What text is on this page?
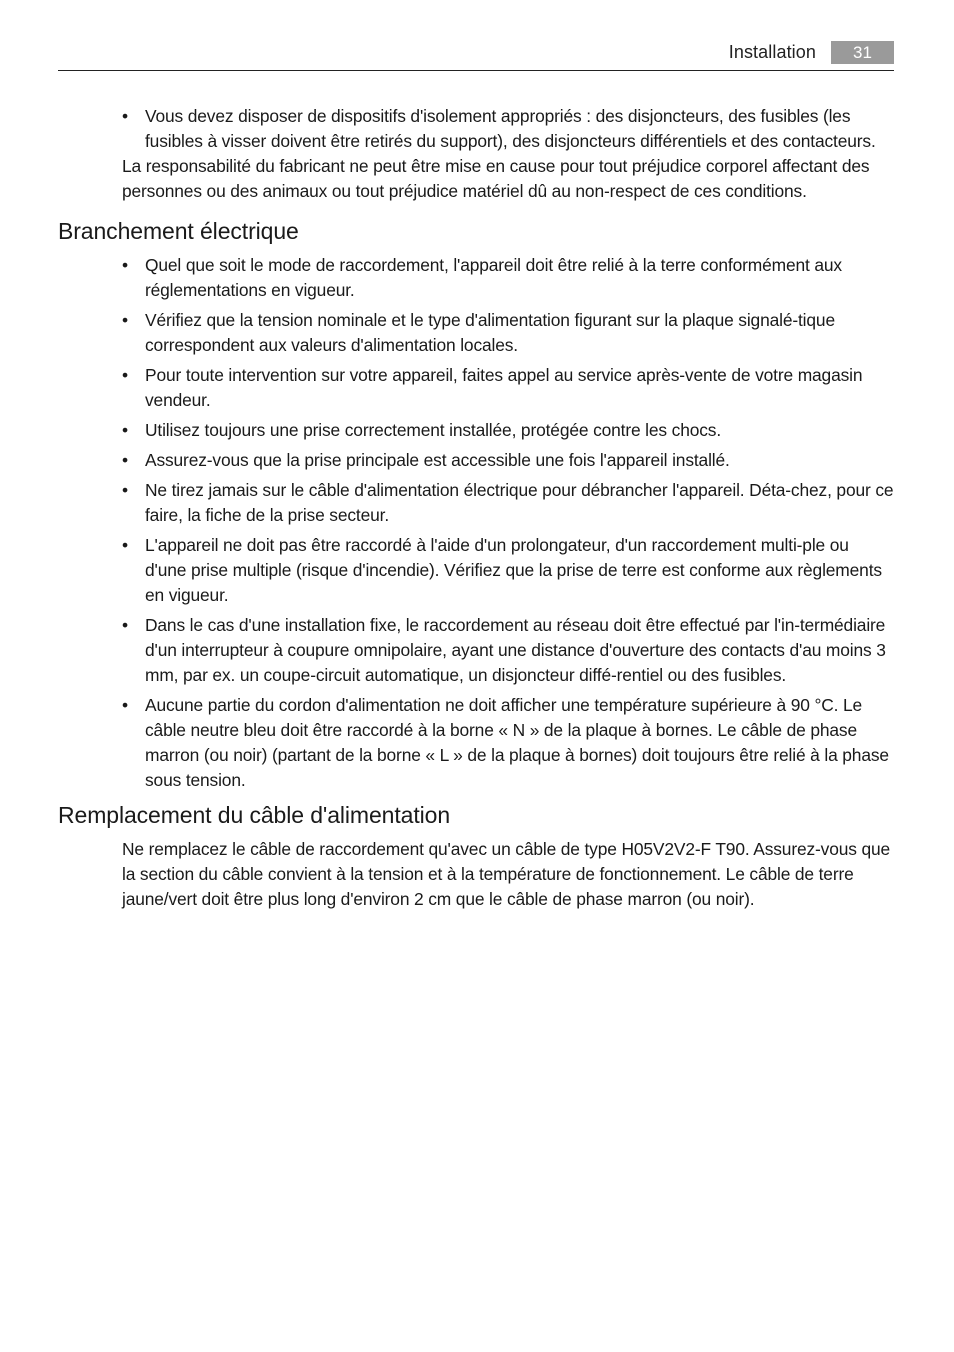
Installation	31
• Vous devez disposer de dispositifs d'isolement appropriés : des disjoncteurs, des fusibles (les fusibles à visser doivent être retirés du support), des disjoncteurs différentiels et des contacteurs.

La responsabilité du fabricant ne peut être mise en cause pour tout préjudice corporel affectant des personnes ou des animaux ou tout préjudice matériel dû au non-respect de ces conditions.

Branchement électrique
• Quel que soit le mode de raccordement, l'appareil doit être relié à la terre conformément aux réglementations en vigueur.
• Vérifiez que la tension nominale et le type d'alimentation figurant sur la plaque signalé-tique correspondent aux valeurs d'alimentation locales.
• Pour toute intervention sur votre appareil, faites appel au service après-vente de votre magasin vendeur.
• Utilisez toujours une prise correctement installée, protégée contre les chocs.
• Assurez-vous que la prise principale est accessible une fois l'appareil installé.
• Ne tirez jamais sur le câble d'alimentation électrique pour débrancher l'appareil. Déta-chez, pour ce faire, la fiche de la prise secteur.
• L'appareil ne doit pas être raccordé à l'aide d'un prolongateur, d'un raccordement multi-ple ou d'une prise multiple (risque d'incendie). Vérifiez que la prise de terre est conforme aux règlements en vigueur.
• Dans le cas d'une installation fixe, le raccordement au réseau doit être effectué par l'in-termédiaire d'un interrupteur à coupure omnipolaire, ayant une distance d'ouverture des contacts d'au moins 3 mm, par ex. un coupe-circuit automatique, un disjoncteur diffé-rentiel ou des fusibles.
• Aucune partie du cordon d'alimentation ne doit afficher une température supérieure à 90 °C. Le câble neutre bleu doit être raccordé à la borne « N » de la plaque à bornes. Le câble de phase marron (ou noir) (partant de la borne « L » de la plaque à bornes) doit toujours être relié à la phase sous tension.
Remplacement du câble d'alimentation

Ne remplacez le câble de raccordement qu'avec un câble de type H05V2V2-F T90. Assurez-vous que la section du câble convient à la tension et à la température de fonctionnement. Le câble de terre jaune/vert doit être plus long d'environ 2 cm que le câble de phase marron (ou noir).
